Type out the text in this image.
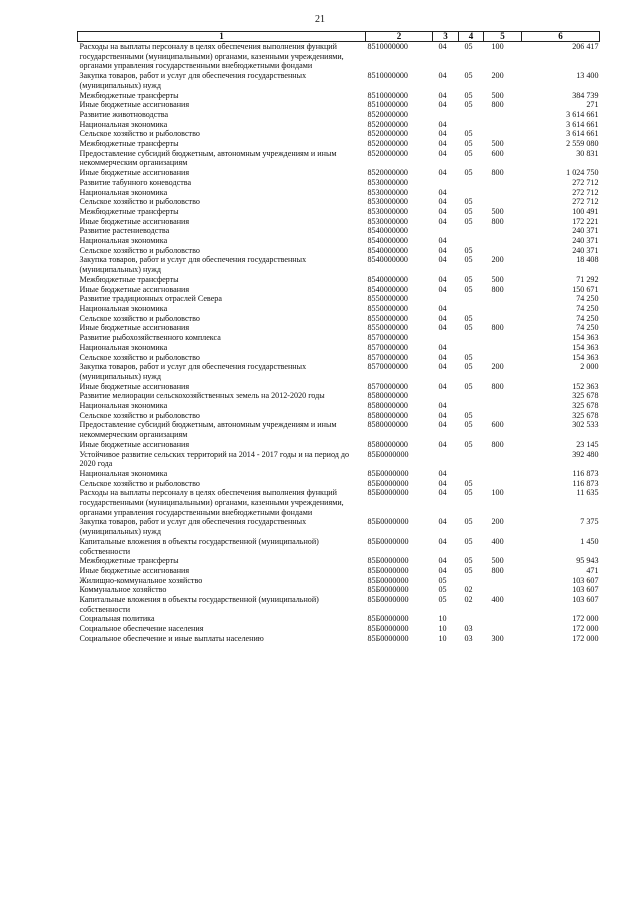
21
1	2	3	4	5	6
Расходы на выплаты персоналу в целях обеспечения выполнения функций государственными (муниципальными) органами, казенными учреждениями, органами управления государственными внебюджетными фондами	8510000000	04	05	100	206 417
Закупка товаров, работ и услуг для обеспечения государственных (муниципальных) нужд	8510000000	04	05	200	13 400
Межбюджетные трансферты	8510000000	04	05	500	384 739
Иные бюджетные ассигнования	8510000000	04	05	800	271
Развитие животноводства	8520000000				3 614 661
Национальная экономика	8520000000	04			3 614 661
Сельское хозяйство и рыболовство	8520000000	04	05		3 614 661
Межбюджетные трансферты	8520000000	04	05	500	2 559 080
Предоставление субсидий бюджетным, автономным учреждениям и иным некоммерческим организациям	8520000000	04	05	600	30 831
Иные бюджетные ассигнования	8520000000	04	05	800	1 024 750
Развитие табунного коневодства	8530000000				272 712
Национальная экономика	8530000000	04			272 712
Сельское хозяйство и рыболовство	8530000000	04	05		272 712
Межбюджетные трансферты	8530000000	04	05	500	100 491
Иные бюджетные ассигнования	8530000000	04	05	800	172 221
Развитие растениеводства	8540000000				240 371
Национальная экономика	8540000000	04			240 371
Сельское хозяйство и рыболовство	8540000000	04	05		240 371
Закупка товаров, работ и услуг для обеспечения государственных (муниципальных) нужд	8540000000	04	05	200	18 408
Межбюджетные трансферты	8540000000	04	05	500	71 292
Иные бюджетные ассигнования	8540000000	04	05	800	150 671
Развитие традиционных отраслей Севера	8550000000				74 250
Национальная экономика	8550000000	04			74 250
Сельское хозяйство и рыболовство	8550000000	04	05		74 250
Иные бюджетные ассигнования	8550000000	04	05	800	74 250
Развитие рыбохозяйственного комплекса	8570000000				154 363
Национальная экономика	8570000000	04			154 363
Сельское хозяйство и рыболовство	8570000000	04	05		154 363
Закупка товаров, работ и услуг для обеспечения государственных (муниципальных) нужд	8570000000	04	05	200	2 000
Иные бюджетные ассигнования	8570000000	04	05	800	152 363
Развитие мелиорации сельскохозяйственных земель на 2012-2020 годы	8580000000				325 678
Национальная экономика	8580000000	04			325 678
Сельское хозяйство и рыболовство	8580000000	04	05		325 678
Предоставление субсидий бюджетным, автономным учреждениям и иным некоммерческим организациям	8580000000	04	05	600	302 533
Иные бюджетные ассигнования	8580000000	04	05	800	23 145
Устойчивое развитие сельских территорий на 2014 - 2017 годы и на период до 2020 года	85Б0000000				392 480
Национальная экономика	85Б0000000	04			116 873
Сельское хозяйство и рыболовство	85Б0000000	04	05		116 873
Расходы на выплаты персоналу в целях обеспечения выполнения функций государственными (муниципальными) органами, казенными учреждениями, органами управления государственными внебюджетными фондами	85Б0000000	04	05	100	11 635
Закупка товаров, работ и услуг для обеспечения государственных (муниципальных) нужд	85Б0000000	04	05	200	7 375
Капитальные вложения в объекты государственной (муниципальной) собственности	85Б0000000	04	05	400	1 450
Межбюджетные трансферты	85Б0000000	04	05	500	95 943
Иные бюджетные ассигнования	85Б0000000	04	05	800	471
Жилищно-коммунальное хозяйство	85Б0000000	05			103 607
Коммунальное хозяйство	85Б0000000	05	02		103 607
Капитальные вложения в объекты государственной (муниципальной) собственности	85Б0000000	05	02	400	103 607
Социальная политика	85Б0000000	10			172 000
Социальное обеспечение населения	85Б0000000	10	03		172 000
Социальное обеспечение и иные выплаты населению	85Б0000000	10	03	300	172 000
